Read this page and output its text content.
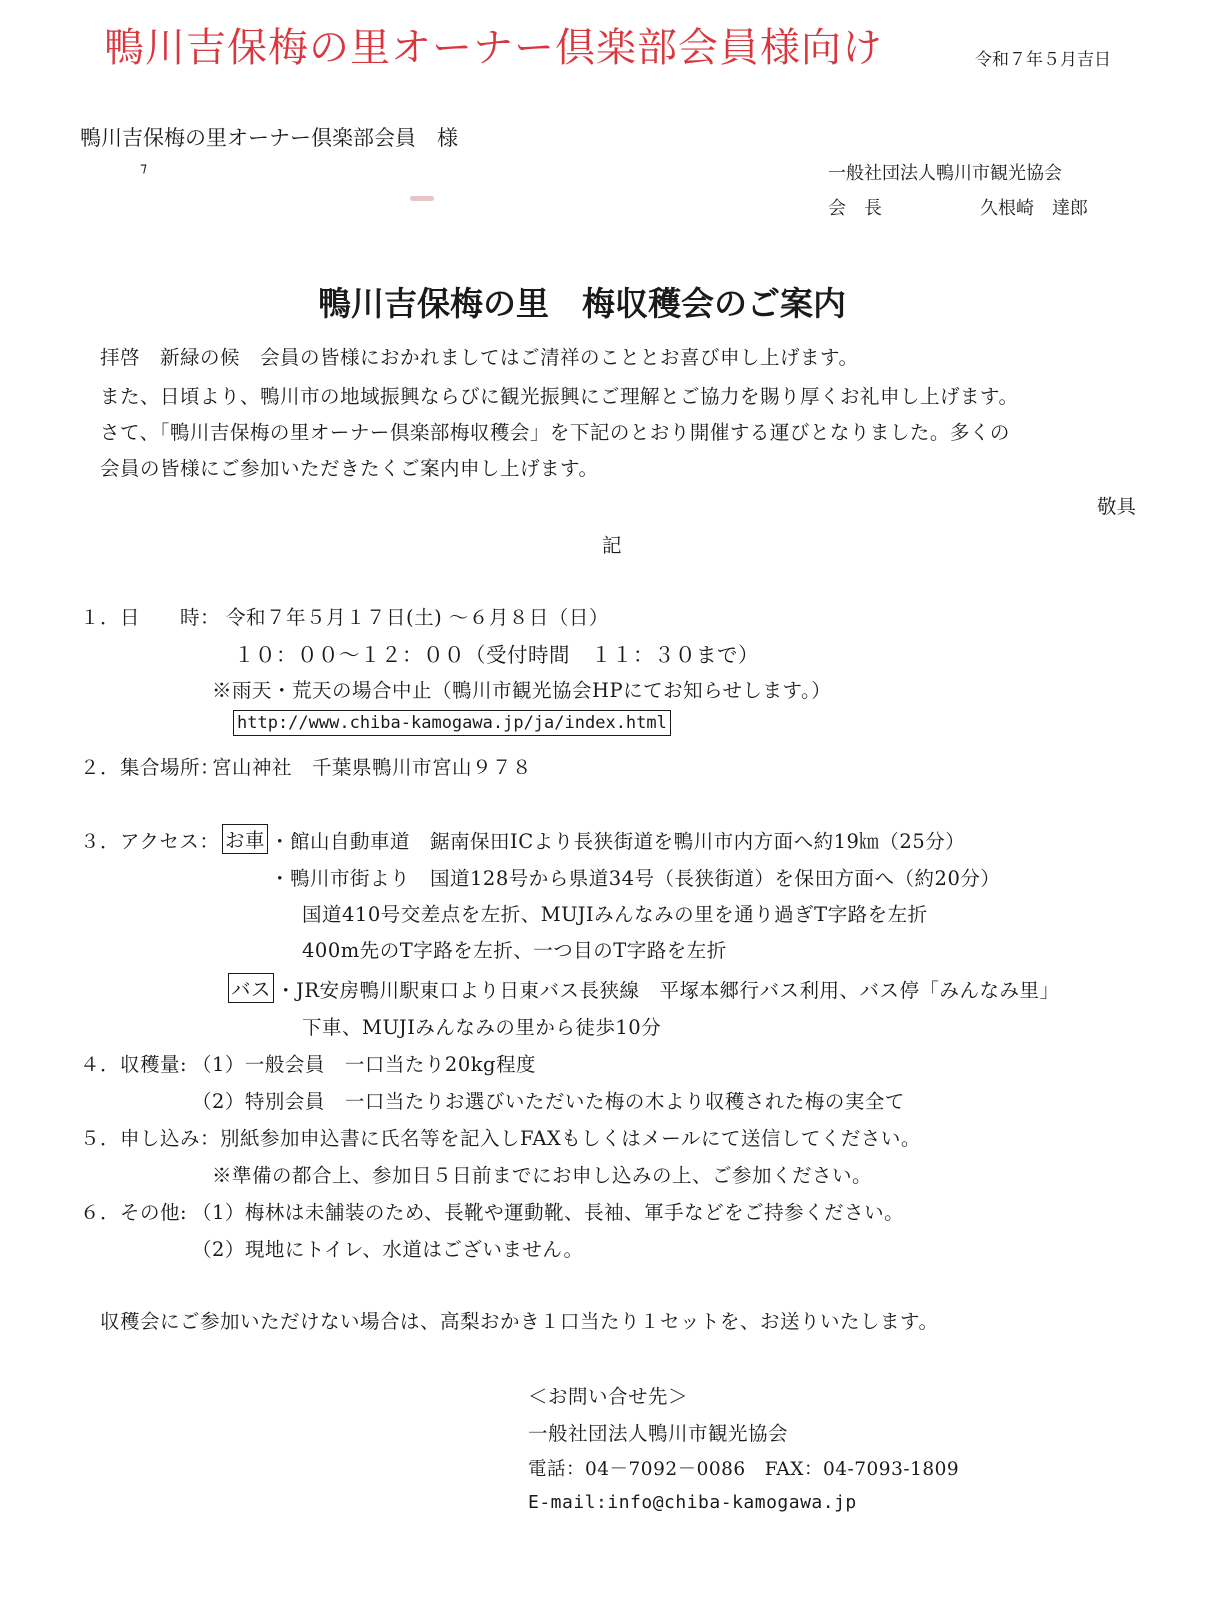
鴨川吉保梅の里オーナー倶楽部会員様向け	令和７年５月吉日
鴨川吉保梅の里オーナー倶楽部会員　様
⁊	一般社団法人鴨川市観光協会
会　長	久根崎　達郎
鴨川吉保梅の里　梅収穫会のご案内
拝啓　新緑の候　会員の皆様におかれましてはご清祥のこととお喜び申し上げます。
また、日頃より、鴨川市の地域振興ならびに観光振興にご理解とご協力を賜り厚くお礼申し上げます。
さて、「鴨川吉保梅の里オーナー倶楽部梅収穫会」を下記のとおり開催する運びとなりました。多くの
会員の皆様にご参加いただきたくご案内申し上げます。
敬具
記
１．日　　時： 令和７年５月１７日(土) ～６月８日（日）
１０：００～１２：００（受付時間　１１：３０まで）
※雨天・荒天の場合中止（鴨川市観光協会HPにてお知らせします。）
http://www.chiba-kamogawa.jp/ja/index.html
２．集合場所：
宮山神社　千葉県鴨川市宮山９７８
３．アクセス： お車 ・館山自動車道　鋸南保田ICより長狭街道を鴨川市内方面へ約19㎞（25分）
・鴨川市街より　国道128号から県道34号（長狭街道）を保田方面へ（約20分）
国道410号交差点を左折、MUJIみんなみの里を通り過ぎT字路を左折
400m先のT字路を左折、一つ目のT字路を左折
バス ・JR安房鴨川駅東口より日東バス長狭線　平塚本郷行バス利用、バス停「みんなみ里」
下車、MUJIみんなみの里から徒歩10分
４．収穫量: （1）一般会員　一口当たり20kg程度
（2）特別会員　一口当たりお選びいただいた梅の木より収穫された梅の実全て
５．申し込み： 別紙参加申込書に氏名等を記入しFAXもしくはメールにて送信してください。
※準備の都合上、参加日５日前までにお申し込みの上、ご参加ください。
６．その他: （1）梅林は未舗装のため、長靴や運動靴、長袖、軍手などをご持参ください。
（2）現地にトイレ、水道はございません。
収穫会にご参加いただけない場合は、高梨おかき１口当たり１セットを、お送りいたします。
＜お問い合せ先＞
一般社団法人鴨川市観光協会
電話：04－7092－0086　FAX：04-7093-1809
E-mail:info@chiba-kamogawa.jp
